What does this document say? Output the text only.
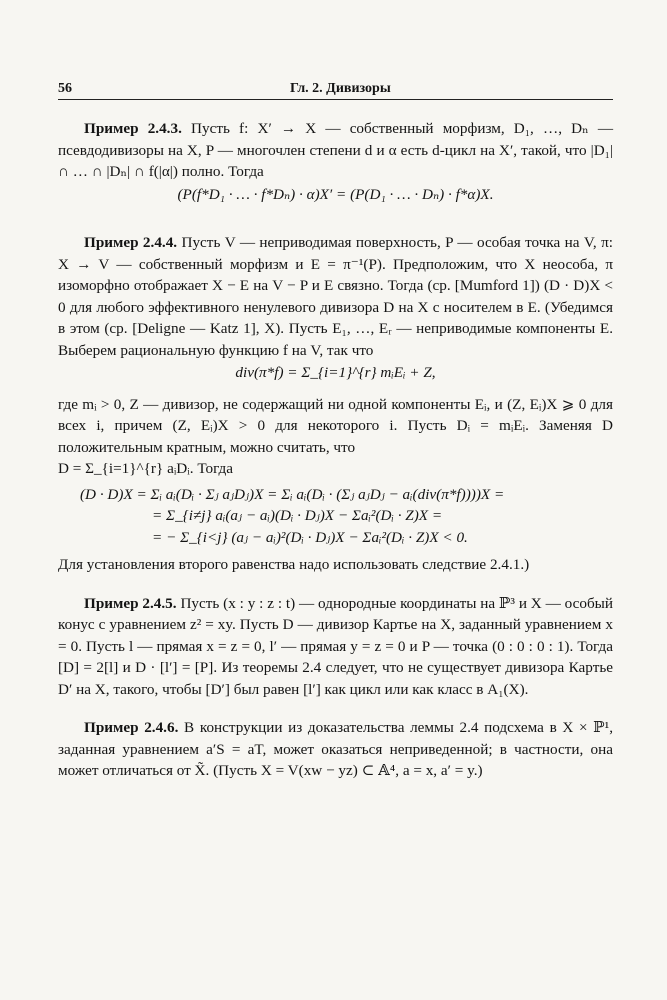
56	Гл. 2. Дивизоры

Пример 2.4.3. Пусть f: X′ → X — собственный морфизм, D₁, …, Dₙ — псевдодивизоры на X, P — многочлен степени d и α есть d-цикл на X′, такой, что |D₁| ∩ … ∩ |Dₙ| ∩ f(|α|) полно. Тогда

(P(f*D₁ · … · f*Dₙ) · α)X′ = (P(D₁ · … · Dₙ) · f*α)X.

Пример 2.4.4. Пусть V — неприводимая поверхность, P — особая точка на V, π: X → V — собственный морфизм и E = π⁻¹(P). Предположим, что X неособа, π изоморфно отображает X − E на V − P и E связно. Тогда (ср. [Mumford 1]) (D · D)X < 0 для любого эффективного ненулевого дивизора D на X с носителем в E. (Убедимся в этом (ср. [Deligne — Katz 1], X). Пусть E₁, …, Eᵣ — неприводимые компоненты E. Выберем рациональную функцию f на V, так что

div(π*f) = Σ_{i=1}^{r} mᵢEᵢ + Z,

где mᵢ > 0, Z — дивизор, не содержащий ни одной компоненты Eᵢ, и (Z, Eᵢ)X ⩾ 0 для всех i, причем (Z, Eᵢ)X > 0 для некоторого i. Пусть Dᵢ = mᵢEᵢ. Заменяя D положительным кратным, можно считать, что

D = Σ_{i=1}^{r} aᵢDᵢ. Тогда

(D · D)X = Σᵢ aᵢ(Dᵢ · Σⱼ aⱼDⱼ)X = Σᵢ aᵢ(Dᵢ · (Σⱼ aⱼDⱼ − aᵢ(div(π*f))))X =
= Σ_{i≠j} aᵢ(aⱼ − aᵢ)(Dᵢ · Dⱼ)X − Σaᵢ²(Dᵢ · Z)X =
= − Σ_{i<j} (aⱼ − aᵢ)²(Dᵢ · Dⱼ)X − Σaᵢ²(Dᵢ · Z)X < 0.

Для установления второго равенства надо использовать следствие 2.4.1.)

Пример 2.4.5. Пусть (x : y : z : t) — однородные координаты на ℙ³ и X — особый конус с уравнением z² = xy. Пусть D — дивизор Картье на X, заданный уравнением x = 0. Пусть l — прямая x = z = 0, l′ — прямая y = z = 0 и P — точка (0 : 0 : 0 : 1). Тогда [D] = 2[l] и D · [l′] = [P]. Из теоремы 2.4 следует, что не существует дивизора Картье D′ на X, такого, чтобы [D′] был равен [l′] как цикл или как класс в A₁(X).

Пример 2.4.6. В конструкции из доказательства леммы 2.4 подсхема в X × ℙ¹, заданная уравнением a′S = aT, может оказаться неприведенной; в частности, она может отличаться от X̃. (Пусть X = V(xw − yz) ⊂ 𝔸⁴, a = x, a′ = y.)
